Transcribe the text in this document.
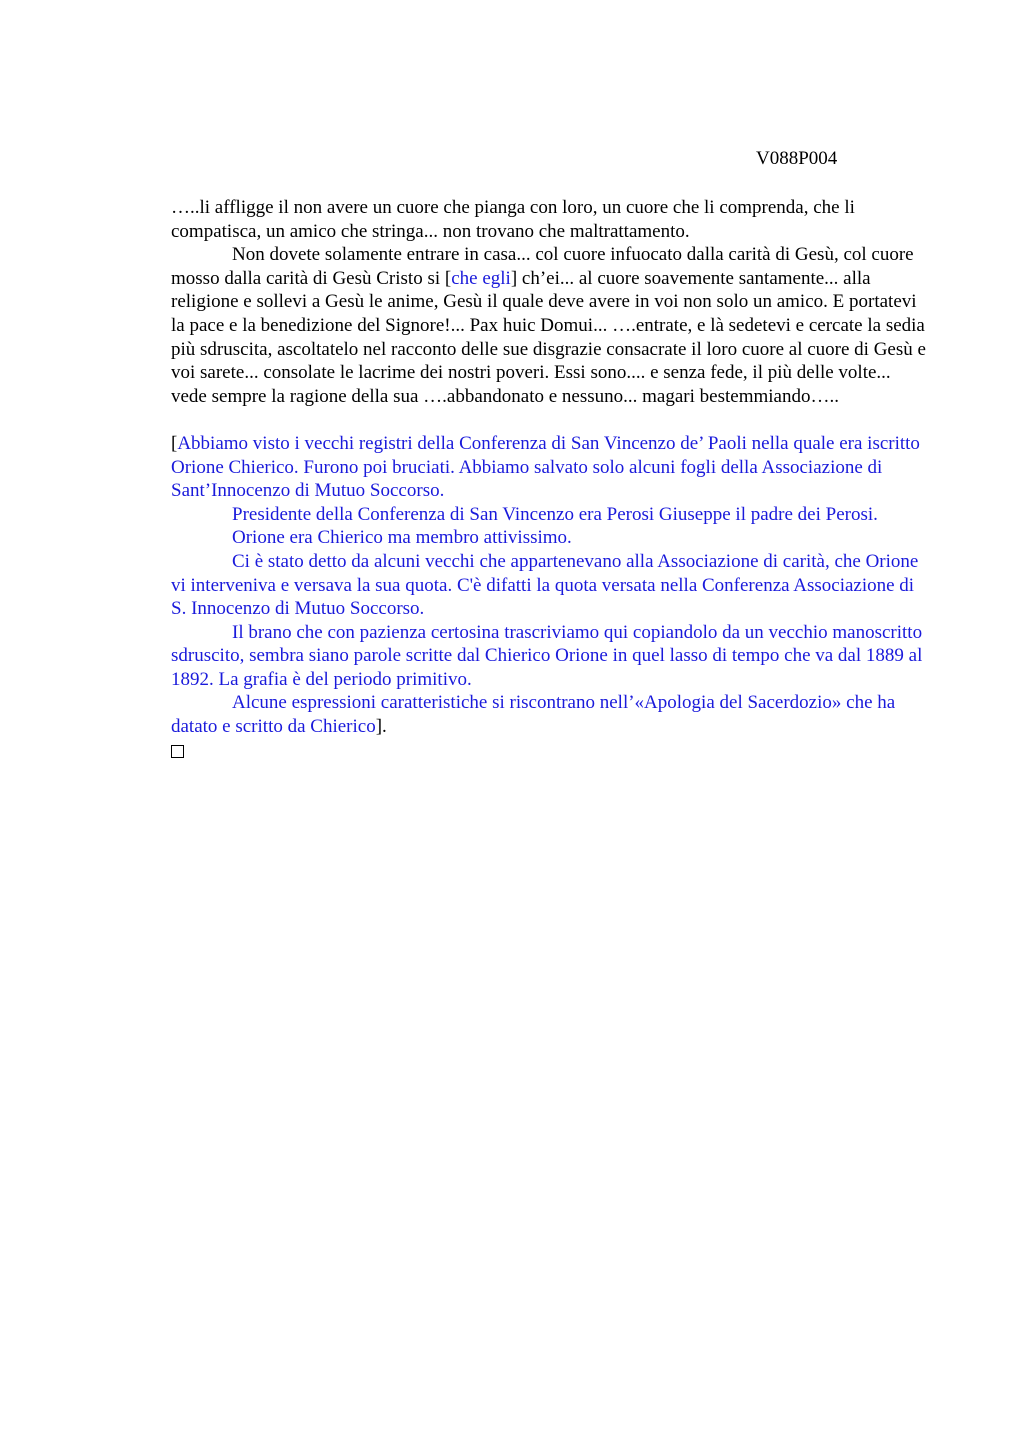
V088P004

…..li affligge il non avere un cuore che pianga con loro, un cuore che li comprenda, che li compatisca, un amico che stringa... non trovano che maltrattamento.

Non dovete solamente entrare in casa... col cuore infuocato dalla carità di Gesù, col cuore mosso dalla carità di Gesù Cristo si [che egli] ch’ei... al cuore soavemente santamente... alla religione e sollevi a Gesù le anime, Gesù il quale deve avere in voi non solo un amico. E portatevi la pace e la benedizione del Signore!... Pax huic Domui... ….entrate, e là sedetevi e cercate la sedia più sdruscita, ascoltatelo nel racconto delle sue disgrazie consacrate il loro cuore al cuore di Gesù e voi sarete... consolate le lacrime dei nostri poveri. Essi sono.... e senza fede, il più delle volte... vede sempre la ragione della sua ….abbandonato e nessuno... magari bestemmiando…..

[Abbiamo visto i vecchi registri della Conferenza di San Vincenzo de’ Paoli nella quale era iscritto Orione Chierico. Furono poi bruciati. Abbiamo salvato solo alcuni fogli della Associazione di Sant’Innocenzo di Mutuo Soccorso.

Presidente della Conferenza di San Vincenzo era Perosi Giuseppe il padre dei Perosi.

Orione era Chierico ma membro attivissimo.

Ci è stato detto da alcuni vecchi che appartenevano alla Associazione di carità, che Orione vi interveniva e versava la sua quota. C'è difatti la quota versata nella Conferenza Associazione di S. Innocenzo di Mutuo Soccorso.

Il brano che con pazienza certosina trascriviamo qui copiandolo da un vecchio manoscritto sdruscito, sembra siano parole scritte dal Chierico Orione in quel lasso di tempo che va dal 1889 al 1892. La grafia è del periodo primitivo.

Alcune espressioni caratteristiche si riscontrano nell’«Apologia del Sacerdozio» che ha datato e scritto da Chierico].
